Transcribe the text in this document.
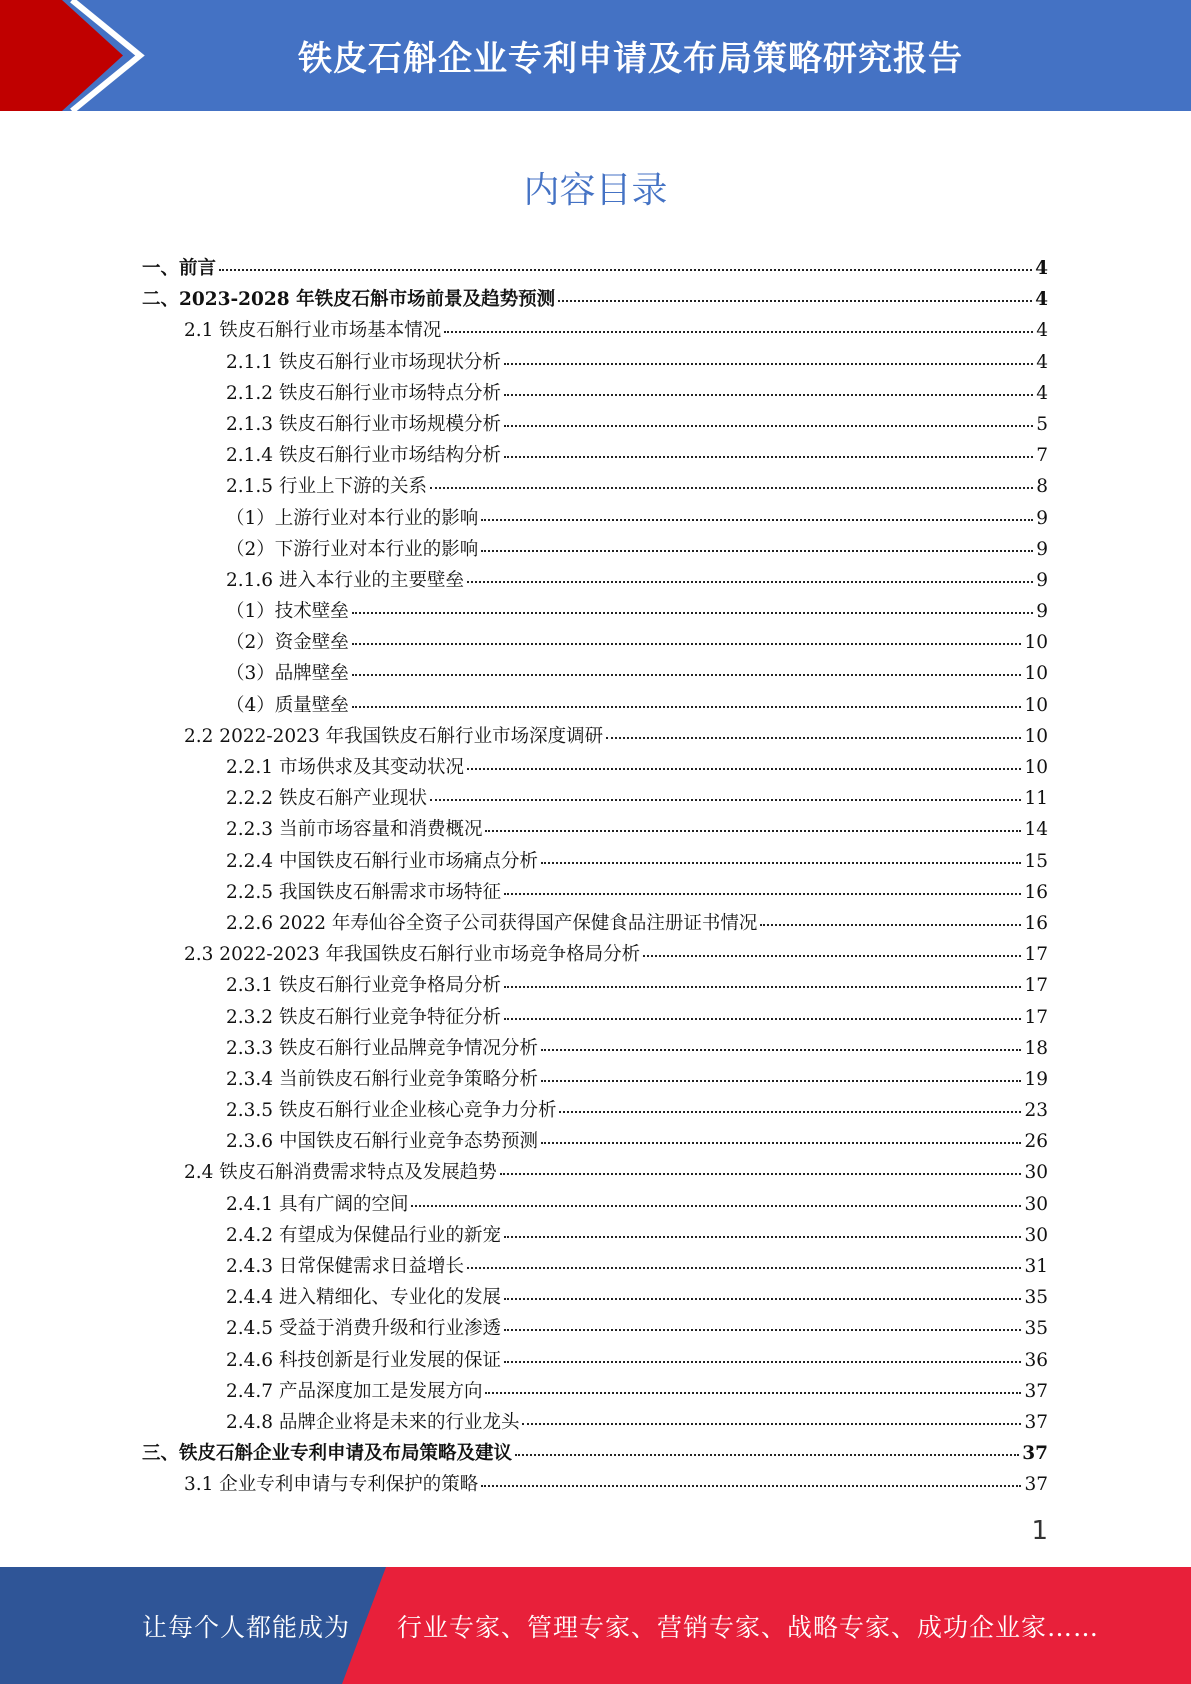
铁皮石斛企业专利申请及布局策略研究报告
内容目录
一、前言	4
二、2023-2028 年铁皮石斛市场前景及趋势预测	4
2.1 铁皮石斛行业市场基本情况	4
2.1.1 铁皮石斛行业市场现状分析	4
2.1.2 铁皮石斛行业市场特点分析	4
2.1.3 铁皮石斛行业市场规模分析	5
2.1.4 铁皮石斛行业市场结构分析	7
2.1.5 行业上下游的关系	8
（1）上游行业对本行业的影响	9
（2）下游行业对本行业的影响	9
2.1.6 进入本行业的主要壁垒	9
（1）技术壁垒	9
（2）资金壁垒	10
（3）品牌壁垒	10
（4）质量壁垒	10
2.2 2022-2023 年我国铁皮石斛行业市场深度调研	10
2.2.1 市场供求及其变动状况	10
2.2.2 铁皮石斛产业现状	11
2.2.3 当前市场容量和消费概况	14
2.2.4 中国铁皮石斛行业市场痛点分析	15
2.2.5 我国铁皮石斛需求市场特征	16
2.2.6 2022 年寿仙谷全资子公司获得国产保健食品注册证书情况	16
2.3 2022-2023 年我国铁皮石斛行业市场竞争格局分析	17
2.3.1 铁皮石斛行业竞争格局分析	17
2.3.2 铁皮石斛行业竞争特征分析	17
2.3.3 铁皮石斛行业品牌竞争情况分析	18
2.3.4 当前铁皮石斛行业竞争策略分析	19
2.3.5 铁皮石斛行业企业核心竞争力分析	23
2.3.6 中国铁皮石斛行业竞争态势预测	26
2.4 铁皮石斛消费需求特点及发展趋势	30
2.4.1 具有广阔的空间	30
2.4.2 有望成为保健品行业的新宠	30
2.4.3 日常保健需求日益增长	31
2.4.4 进入精细化、专业化的发展	35
2.4.5 受益于消费升级和行业渗透	35
2.4.6 科技创新是行业发展的保证	36
2.4.7 产品深度加工是发展方向	37
2.4.8 品牌企业将是未来的行业龙头	37
三、铁皮石斛企业专利申请及布局策略及建议	37
3.1 企业专利申请与专利保护的策略	37
1
让每个人都能成为 行业专家、管理专家、营销专家、战略专家、成功企业家……
